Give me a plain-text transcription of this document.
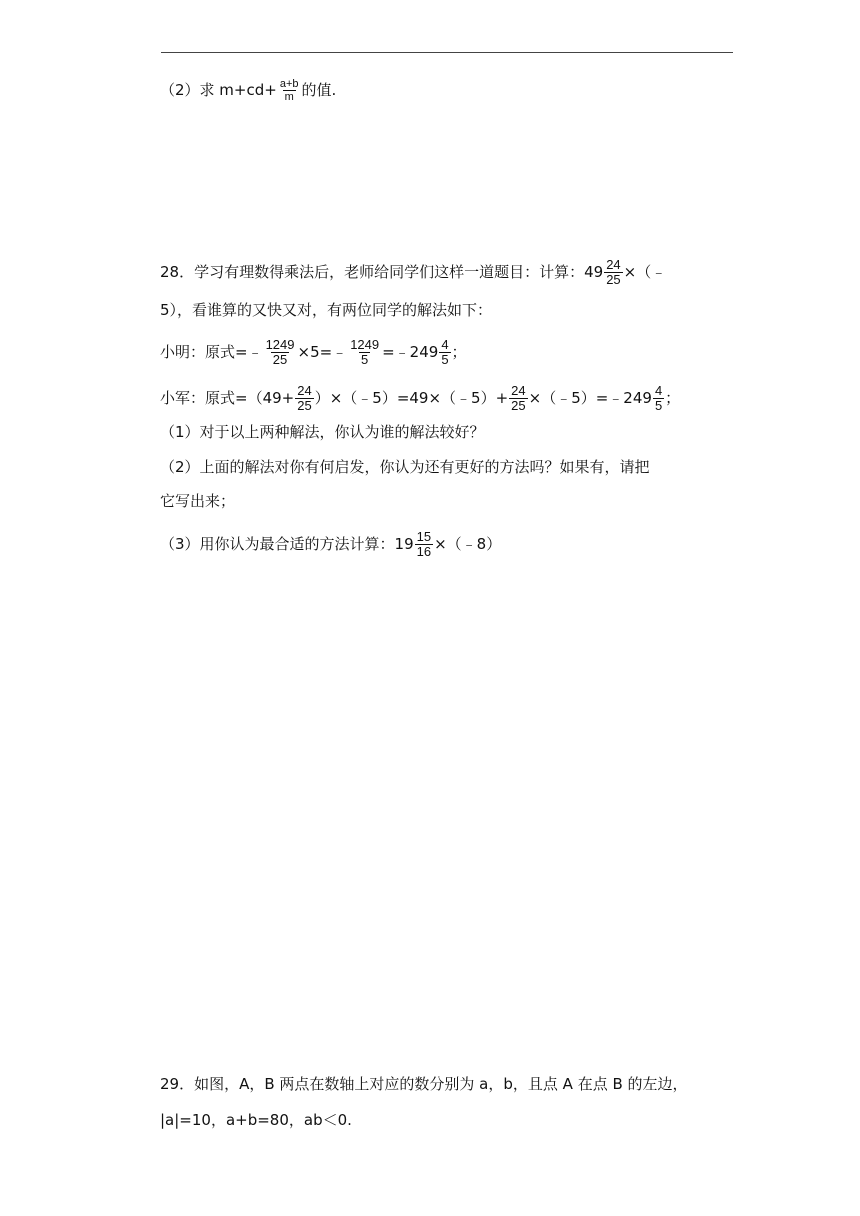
（2）求 $m+cd+ \frac{a+b}{m}$ 的值.
28．学习有理数得乘法后，老师给同学们这样一道题目：计算：$49 \frac{24}{25}$ ×（﹣
5），看谁算的又快又对，有两位同学的解法如下：
小明：原式=﹣ $\frac{1249}{25}$ ×5=﹣ $\frac{1249}{5}$ =﹣249 $\frac{4}{5}$ ；
小军：原式$=(49+ \frac{24}{25}$ ）×（﹣5）=49×（﹣5）+ $\frac{24}{25}$ ×（﹣5）=﹣249 $\frac{4}{5}$ ；
（1）对于以上两种解法，你认为谁的解法较好？
（2）上面的解法对你有何启发，你认为还有更好的方法吗？如果有，请把
它写出来；
（3）用你认为最合适的方法计算：$19 \frac{15}{16}$ ×（﹣8）
29．如图，A，B 两点在数轴上对应的数分别为 a，b，且点 A 在点 B 的左边，
|a|=10，a+b=80，ab＜0.
